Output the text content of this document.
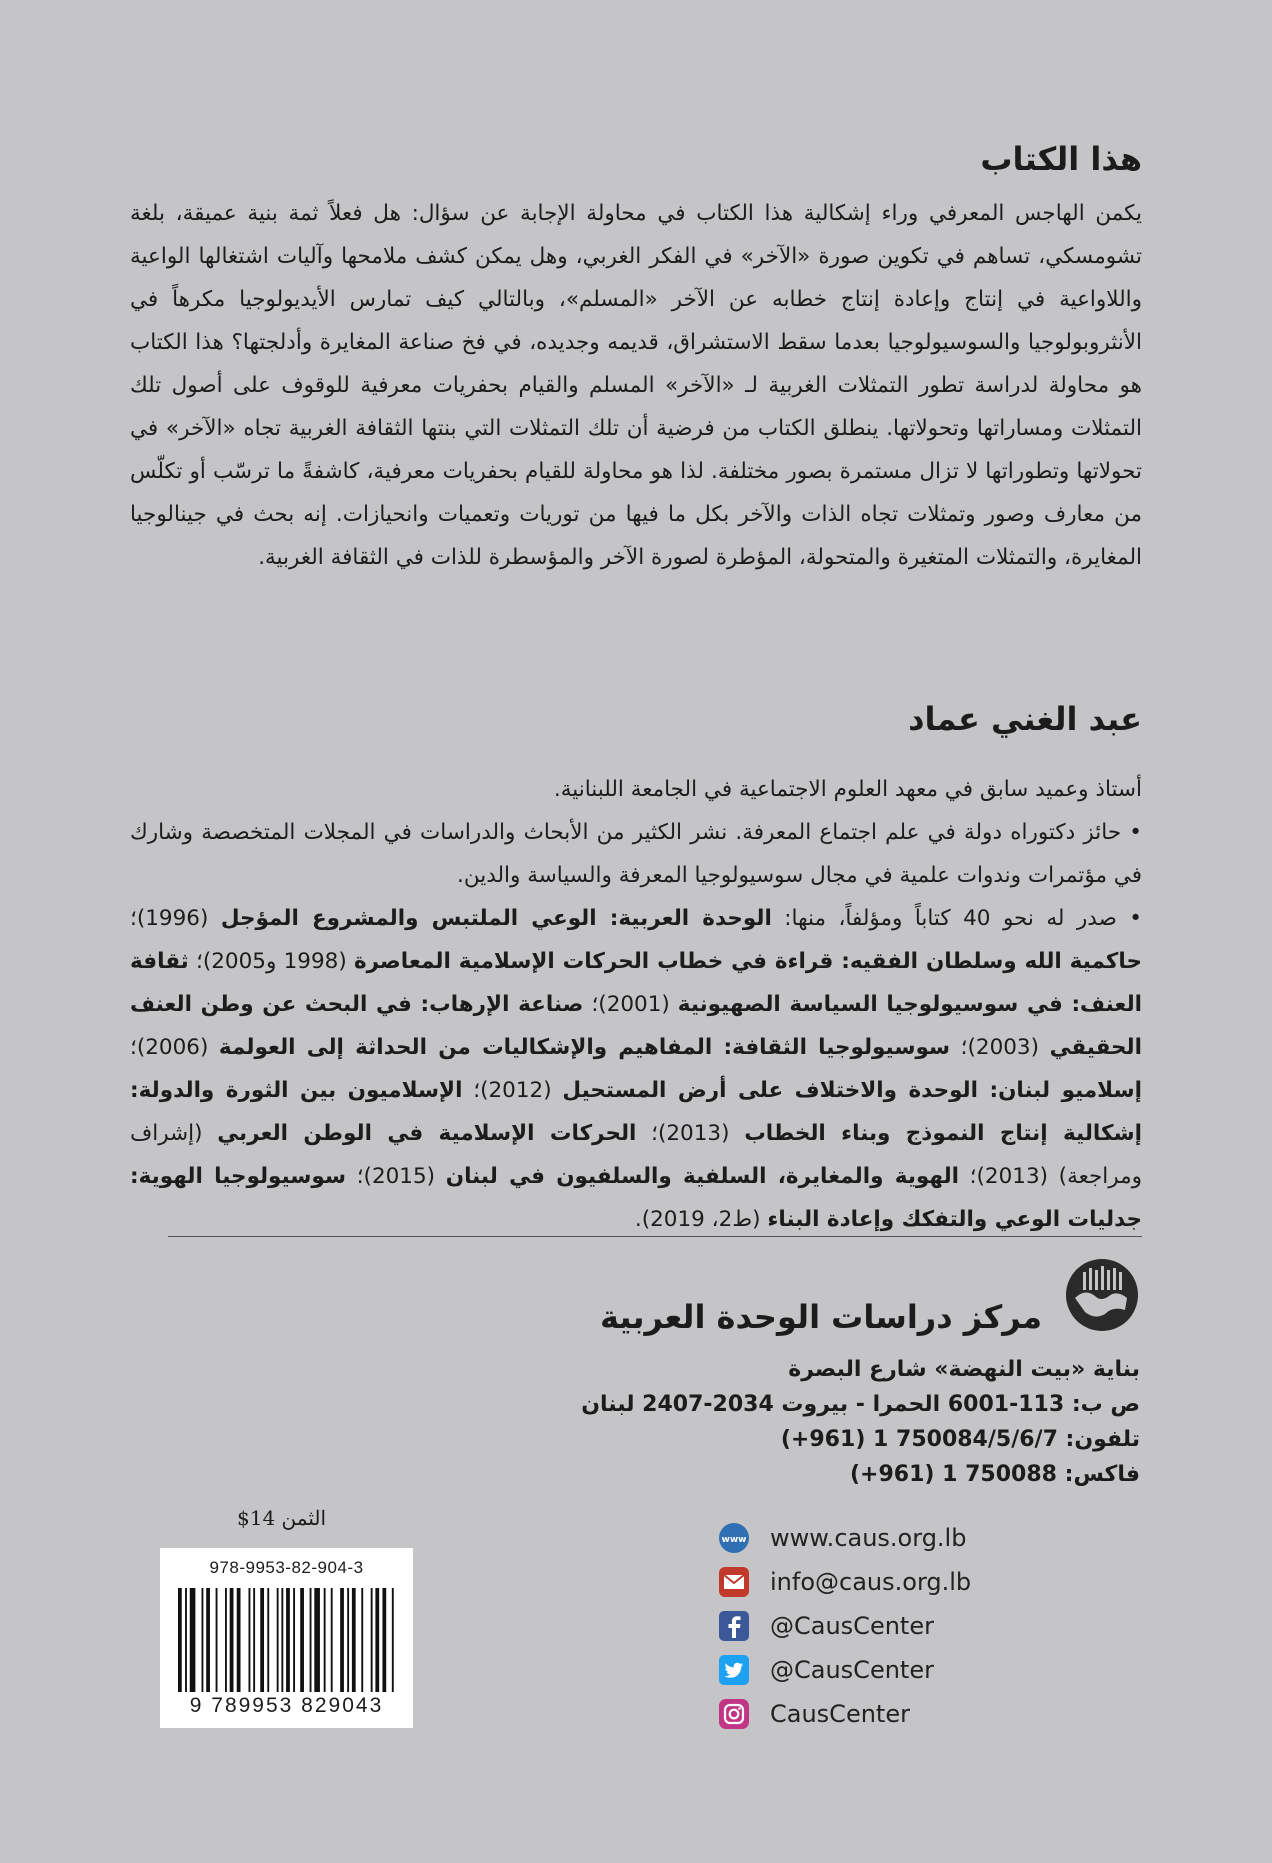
هذا الكتاب

يكمن الهاجس المعرفي وراء إشكالية هذا الكتاب في محاولة الإجابة عن سؤال: هل فعلاً ثمة بنية عميقة، بلغة تشومسكي، تساهم في تكوين صورة «الآخر» في الفكر الغربي، وهل يمكن كشف ملامحها وآليات اشتغالها الواعية واللاواعية في إنتاج وإعادة إنتاج خطابه عن الآخر «المسلم»، وبالتالي كيف تمارس الأيديولوجيا مكرهاً في الأنثروبولوجيا والسوسيولوجيا بعدما سقط الاستشراق، قديمه وجديده، في فخ صناعة المغايرة وأدلجتها؟ هذا الكتاب هو محاولة لدراسة تطور التمثلات الغربية لـ «الآخر» المسلم والقيام بحفريات معرفية للوقوف على أصول تلك التمثلات ومساراتها وتحولاتها. ينطلق الكتاب من فرضية أن تلك التمثلات التي بنتها الثقافة الغربية تجاه «الآخر» في تحولاتها وتطوراتها لا تزال مستمرة بصور مختلفة. لذا هو محاولة للقيام بحفريات معرفية، كاشفةً ما ترسّب أو تكلّس من معارف وصور وتمثلات تجاه الذات والآخر بكل ما فيها من توريات وتعميات وانحيازات. إنه بحث في جينالوجيا المغايرة، والتمثلات المتغيرة والمتحولة، المؤطرة لصورة الآخر والمؤسطرة للذات في الثقافة الغربية.

عبد الغني عماد

أستاذ وعميد سابق في معهد العلوم الاجتماعية في الجامعة اللبنانية.

• حائز دكتوراه دولة في علم اجتماع المعرفة. نشر الكثير من الأبحاث والدراسات في المجلات المتخصصة وشارك في مؤتمرات وندوات علمية في مجال سوسيولوجيا المعرفة والسياسة والدين.

• صدر له نحو 40 كتاباً ومؤلفاً، منها: الوحدة العربية: الوعي الملتبس والمشروع المؤجل (1996)؛ حاكمية الله وسلطان الفقيه: قراءة في خطاب الحركات الإسلامية المعاصرة (1998 و2005)؛ ثقافة العنف: في سوسيولوجيا السياسة الصهيونية (2001)؛ صناعة الإرهاب: في البحث عن وطن العنف الحقيقي (2003)؛ سوسيولوجيا الثقافة: المفاهيم والإشكاليات من الحداثة إلى العولمة (2006)؛ إسلاميو لبنان: الوحدة والاختلاف على أرض المستحيل (2012)؛ الإسلاميون بين الثورة والدولة: إشكالية إنتاج النموذج وبناء الخطاب (2013)؛ الحركات الإسلامية في الوطن العربي (إشراف ومراجعة) (2013)؛ الهوية والمغايرة، السلفية والسلفيون في لبنان (2015)؛ سوسيولوجيا الهوية: جدليات الوعي والتفكك وإعادة البناء (ط2، 2019).

مركز دراسات الوحدة العربية
بناية «بيت النهضة» شارع البصرة
ص ب: 113-6001 الحمرا - بيروت 2034-2407 لبنان
تلفون: 750084/5/6/7 1 (961+)
فاكس: 750088 1 (961+)
الثمن 14$
978-9953-82-904-3
9 789953 829043
www www.caus.org.lb
info@caus.org.lb
@CausCenter
@CausCenter
CausCenter
